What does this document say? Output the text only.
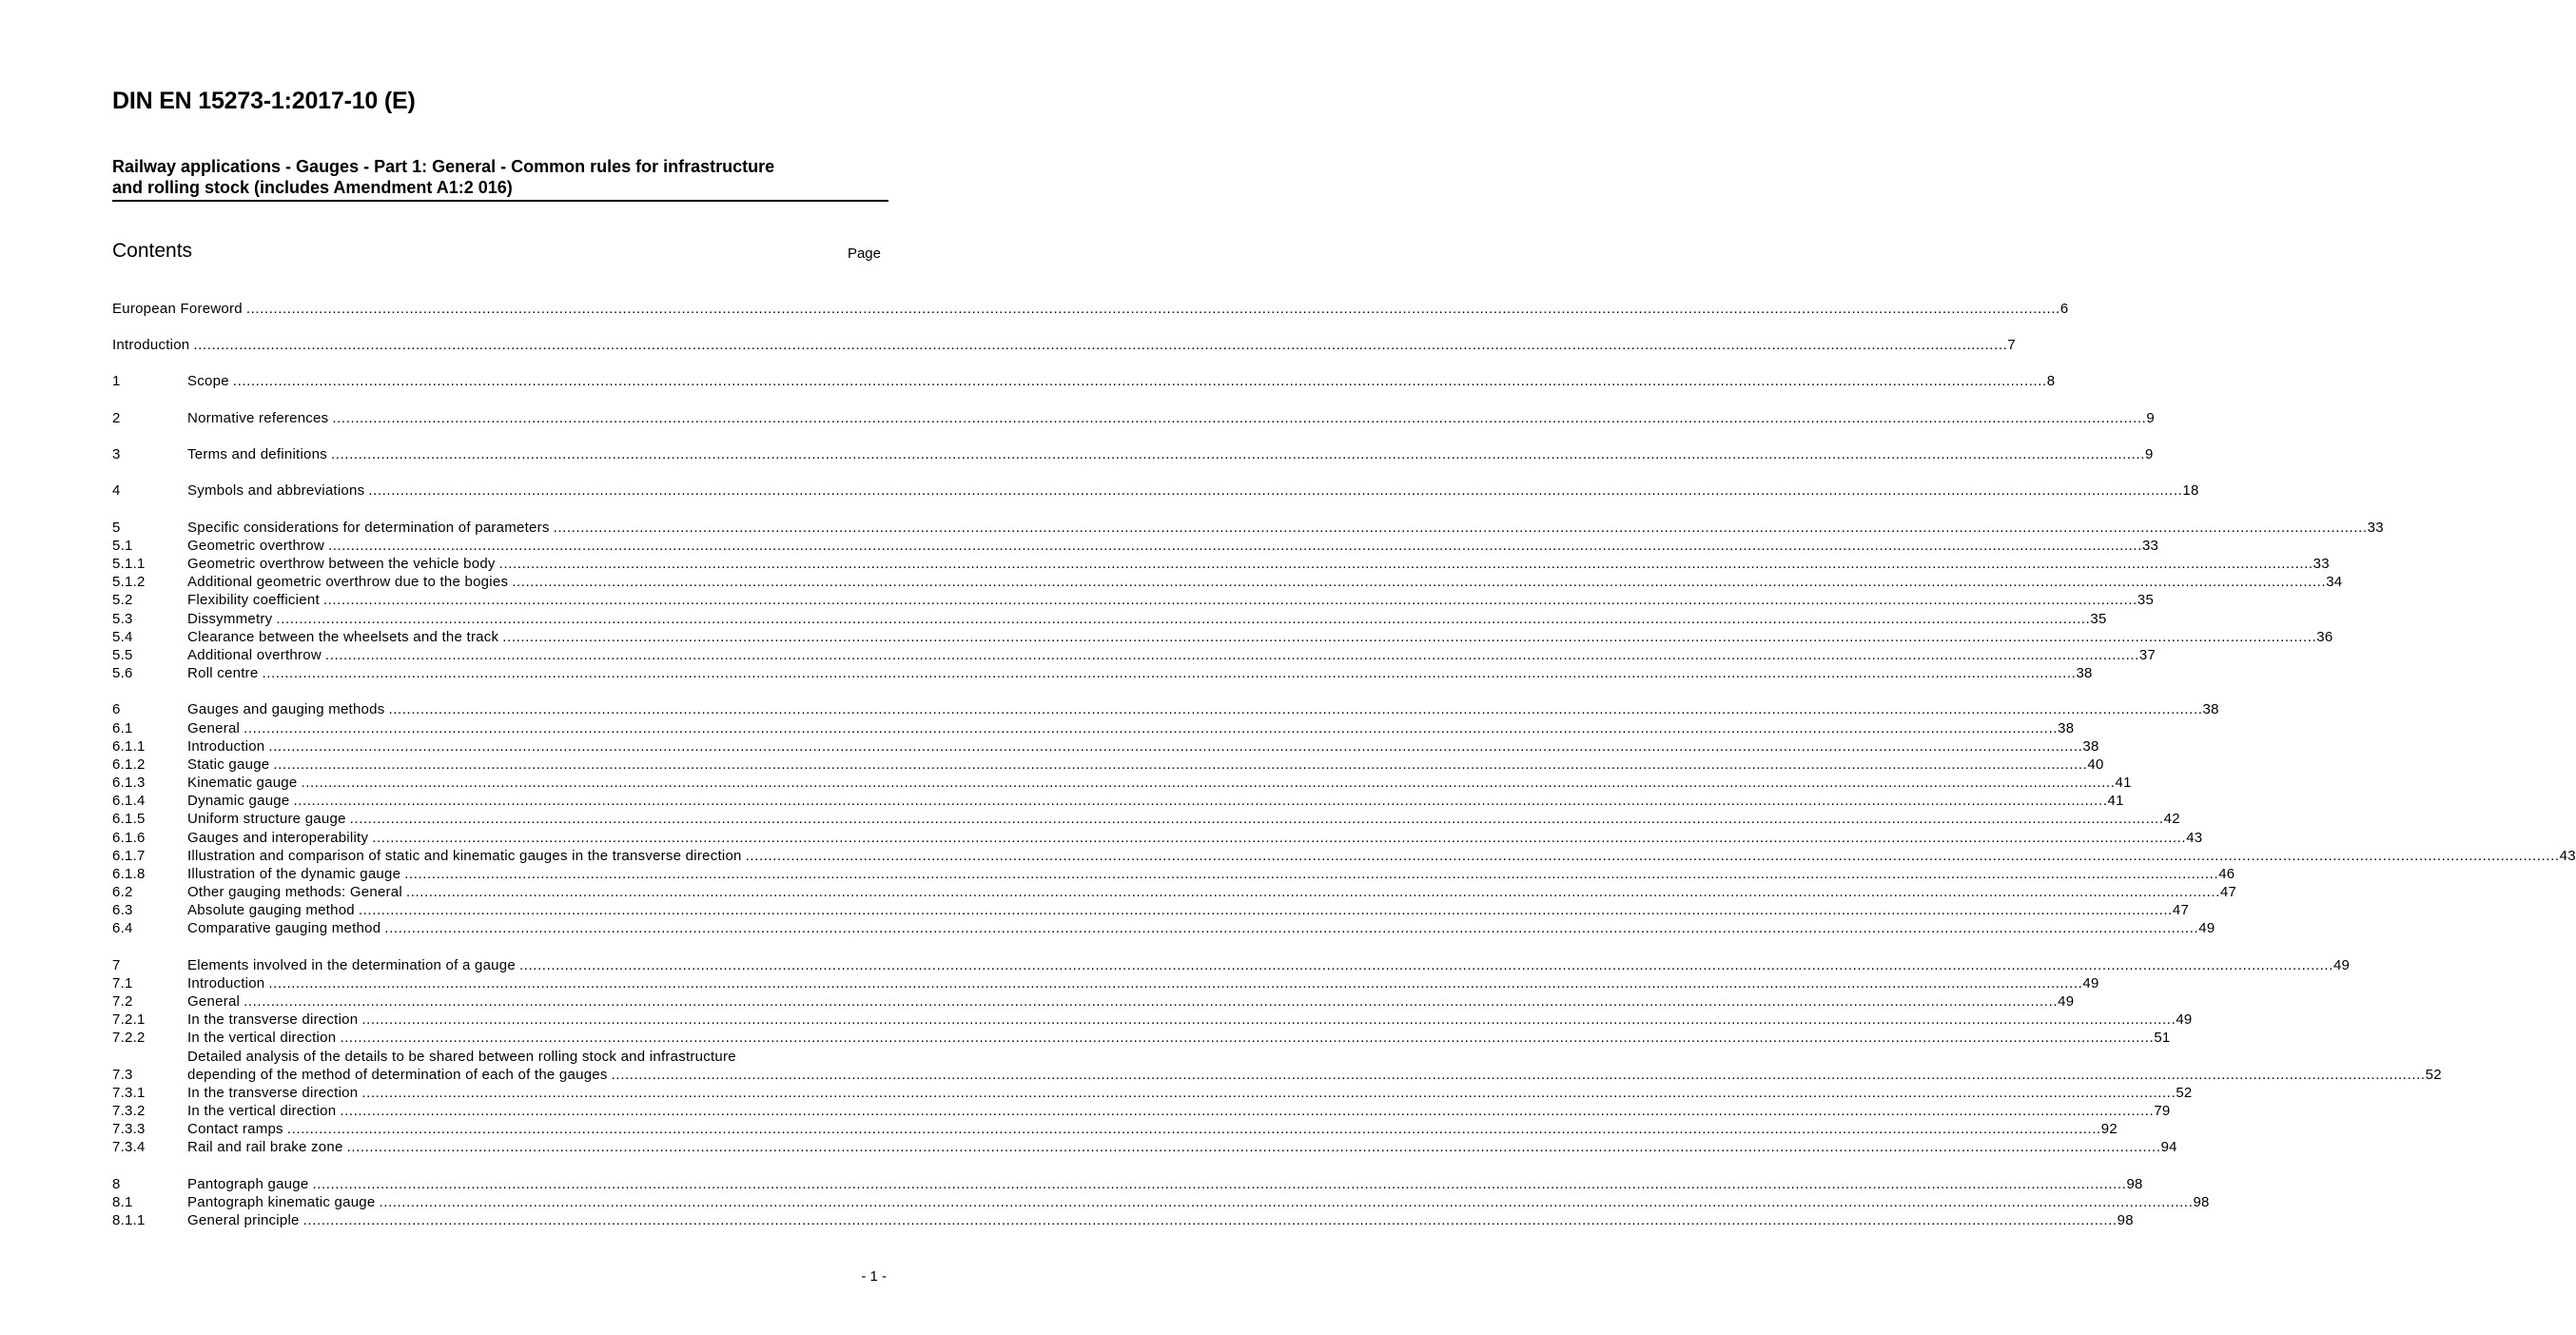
DIN EN 15273-1:2017-10 (E)
Railway applications - Gauges - Part 1: General - Common rules for infrastructure
and rolling stock (includes Amendment A1:2 016)
Contents	Page
European Foreword ................................................................................................................................................................................................................................................................................................................................................................................................................ 6
Introduction ................................................................................................................................................................................................................................................................................................................................................................................................................ 7
1	Scope ................................................................................................................................................................................................................................................................................................................................................................................................................ 8
2	Normative references ................................................................................................................................................................................................................................................................................................................................................................................................................ 9
3	Terms and definitions ................................................................................................................................................................................................................................................................................................................................................................................................................ 9
4	Symbols and abbreviations ................................................................................................................................................................................................................................................................................................................................................................................................................ 18
5	Specific considerations for determination of parameters ................................................................................................................................................................................................................................................................................................................................................................................................................ 33
5.1	Geometric overthrow ................................................................................................................................................................................................................................................................................................................................................................................................................ 33
5.1.1	Geometric overthrow between the vehicle body ................................................................................................................................................................................................................................................................................................................................................................................................................ 33
5.1.2	Additional geometric overthrow due to the bogies ................................................................................................................................................................................................................................................................................................................................................................................................................ 34
5.2	Flexibility coefficient ................................................................................................................................................................................................................................................................................................................................................................................................................ 35
5.3	Dissymmetry ................................................................................................................................................................................................................................................................................................................................................................................................................ 35
5.4	Clearance between the wheelsets and the track ................................................................................................................................................................................................................................................................................................................................................................................................................ 36
5.5	Additional overthrow ................................................................................................................................................................................................................................................................................................................................................................................................................ 37
5.6	Roll centre ................................................................................................................................................................................................................................................................................................................................................................................................................ 38
6	Gauges and gauging methods ................................................................................................................................................................................................................................................................................................................................................................................................................ 38
6.1	General ................................................................................................................................................................................................................................................................................................................................................................................................................ 38
6.1.1	Introduction ................................................................................................................................................................................................................................................................................................................................................................................................................ 38
6.1.2	Static gauge ................................................................................................................................................................................................................................................................................................................................................................................................................ 40
6.1.3	Kinematic gauge ................................................................................................................................................................................................................................................................................................................................................................................................................ 41
6.1.4	Dynamic gauge ................................................................................................................................................................................................................................................................................................................................................................................................................ 41
6.1.5	Uniform structure gauge ................................................................................................................................................................................................................................................................................................................................................................................................................ 42
6.1.6	Gauges and interoperability ................................................................................................................................................................................................................................................................................................................................................................................................................ 43
6.1.7	Illustration and comparison of static and kinematic gauges in the transverse direction ................................................................................................................................................................................................................................................................................................................................................................................................................ 43
6.1.8	Illustration of the dynamic gauge ................................................................................................................................................................................................................................................................................................................................................................................................................ 46
6.2	Other gauging methods: General ................................................................................................................................................................................................................................................................................................................................................................................................................ 47
6.3	Absolute gauging method ................................................................................................................................................................................................................................................................................................................................................................................................................ 47
6.4	Comparative gauging method ................................................................................................................................................................................................................................................................................................................................................................................................................ 49
7	Elements involved in the determination of a gauge ................................................................................................................................................................................................................................................................................................................................................................................................................ 49
7.1	Introduction ................................................................................................................................................................................................................................................................................................................................................................................................................ 49
7.2	General ................................................................................................................................................................................................................................................................................................................................................................................................................ 49
7.2.1	In the transverse direction ................................................................................................................................................................................................................................................................................................................................................................................................................ 49
7.2.2	In the vertical direction ................................................................................................................................................................................................................................................................................................................................................................................................................ 51
7.3
Detailed analysis of the details to be shared between rolling stock and infrastructure
depending of the method of determination of each of the gauges ................................................................................................................................................................................................................................................................................................................................................................................................................ 52
7.3.1	In the transverse direction ................................................................................................................................................................................................................................................................................................................................................................................................................ 52
7.3.2	In the vertical direction ................................................................................................................................................................................................................................................................................................................................................................................................................ 79
7.3.3	Contact ramps ................................................................................................................................................................................................................................................................................................................................................................................................................ 92
7.3.4	Rail and rail brake zone ................................................................................................................................................................................................................................................................................................................................................................................................................ 94
8	Pantograph gauge ................................................................................................................................................................................................................................................................................................................................................................................................................ 98
8.1	Pantograph kinematic gauge ................................................................................................................................................................................................................................................................................................................................................................................................................ 98
8.1.1	General principle ................................................................................................................................................................................................................................................................................................................................................................................................................ 98
- 1 -
